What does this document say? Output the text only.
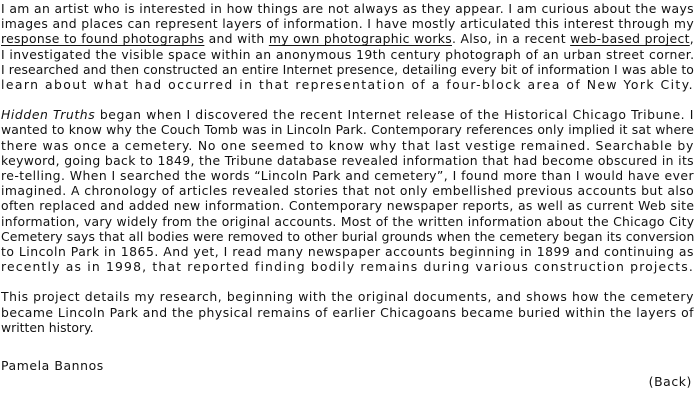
I am an artist who is interested in how things are not always as they appear. I am curious about the ways
images and places can represent layers of information. I have mostly articulated this interest through my
response to found photographs and with my own photographic works. Also, in a recent web-based project,
I investigated the visible space within an anonymous 19th century photograph of an urban street corner.
I researched and then constructed an entire Internet presence, detailing every bit of information I was able to
learn about what had occurred in that representation of a four-block area of New York City.
Hidden Truths began when I discovered the recent Internet release of the Historical Chicago Tribune. I
wanted to know why the Couch Tomb was in Lincoln Park. Contemporary references only implied it sat where
there was once a cemetery. No one seemed to know why that last vestige remained. Searchable by
keyword, going back to 1849, the Tribune database revealed information that had become obscured in its
re-telling. When I searched the words “Lincoln Park and cemetery”, I found more than I would have ever
imagined. A chronology of articles revealed stories that not only embellished previous accounts but also
often replaced and added new information. Contemporary newspaper reports, as well as current Web site
information, vary widely from the original accounts. Most of the written information about the Chicago City
Cemetery says that all bodies were removed to other burial grounds when the cemetery began its conversion
to Lincoln Park in 1865. And yet, I read many newspaper accounts beginning in 1899 and continuing as
recently as in 1998, that reported finding bodily remains during various construction projects.
This project details my research, beginning with the original documents, and shows how the cemetery
became Lincoln Park and the physical remains of earlier Chicagoans became buried within the layers of
written history.
Pamela Bannos
(Back)
